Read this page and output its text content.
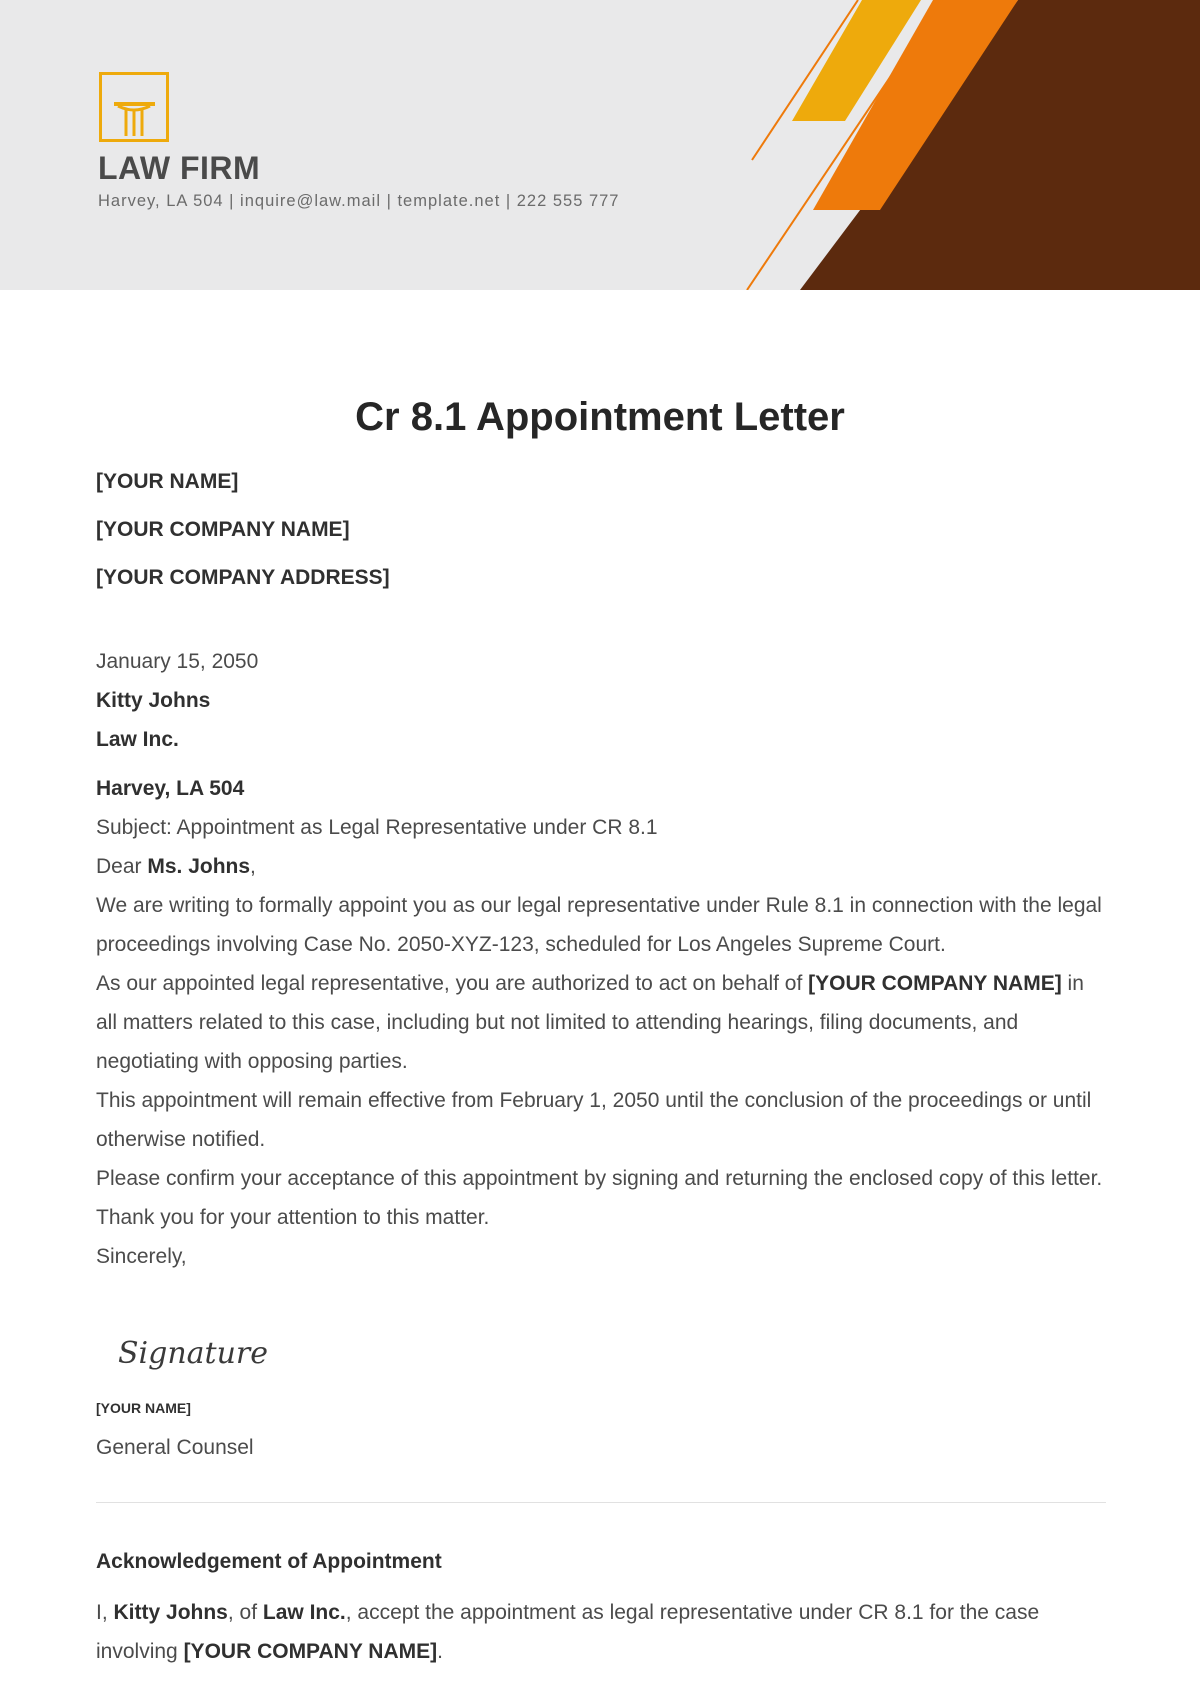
LAW FIRM
Harvey, LA 504 | inquire@law.mail | template.net | 222 555 777
Cr 8.1 Appointment Letter

[YOUR NAME]

[YOUR COMPANY NAME]

[YOUR COMPANY ADDRESS]

January 15, 2050

Kitty Johns

Law Inc.

Harvey, LA 504

Subject: Appointment as Legal Representative under CR 8.1

Dear Ms. Johns,

We are writing to formally appoint you as our legal representative under Rule 8.1 in connection with the legal proceedings involving Case No. 2050-XYZ-123, scheduled for Los Angeles Supreme Court.

As our appointed legal representative, you are authorized to act on behalf of [YOUR COMPANY NAME] in all matters related to this case, including but not limited to attending hearings, filing documents, and negotiating with opposing parties.

This appointment will remain effective from February 1, 2050 until the conclusion of the proceedings or until otherwise notified.

Please confirm your acceptance of this appointment by signing and returning the enclosed copy of this letter. Thank you for your attention to this matter.

Sincerely,

Signature

[YOUR NAME]

General Counsel

Acknowledgement of Appointment

I, Kitty Johns, of Law Inc., accept the appointment as legal representative under CR 8.1 for the case involving [YOUR COMPANY NAME].
